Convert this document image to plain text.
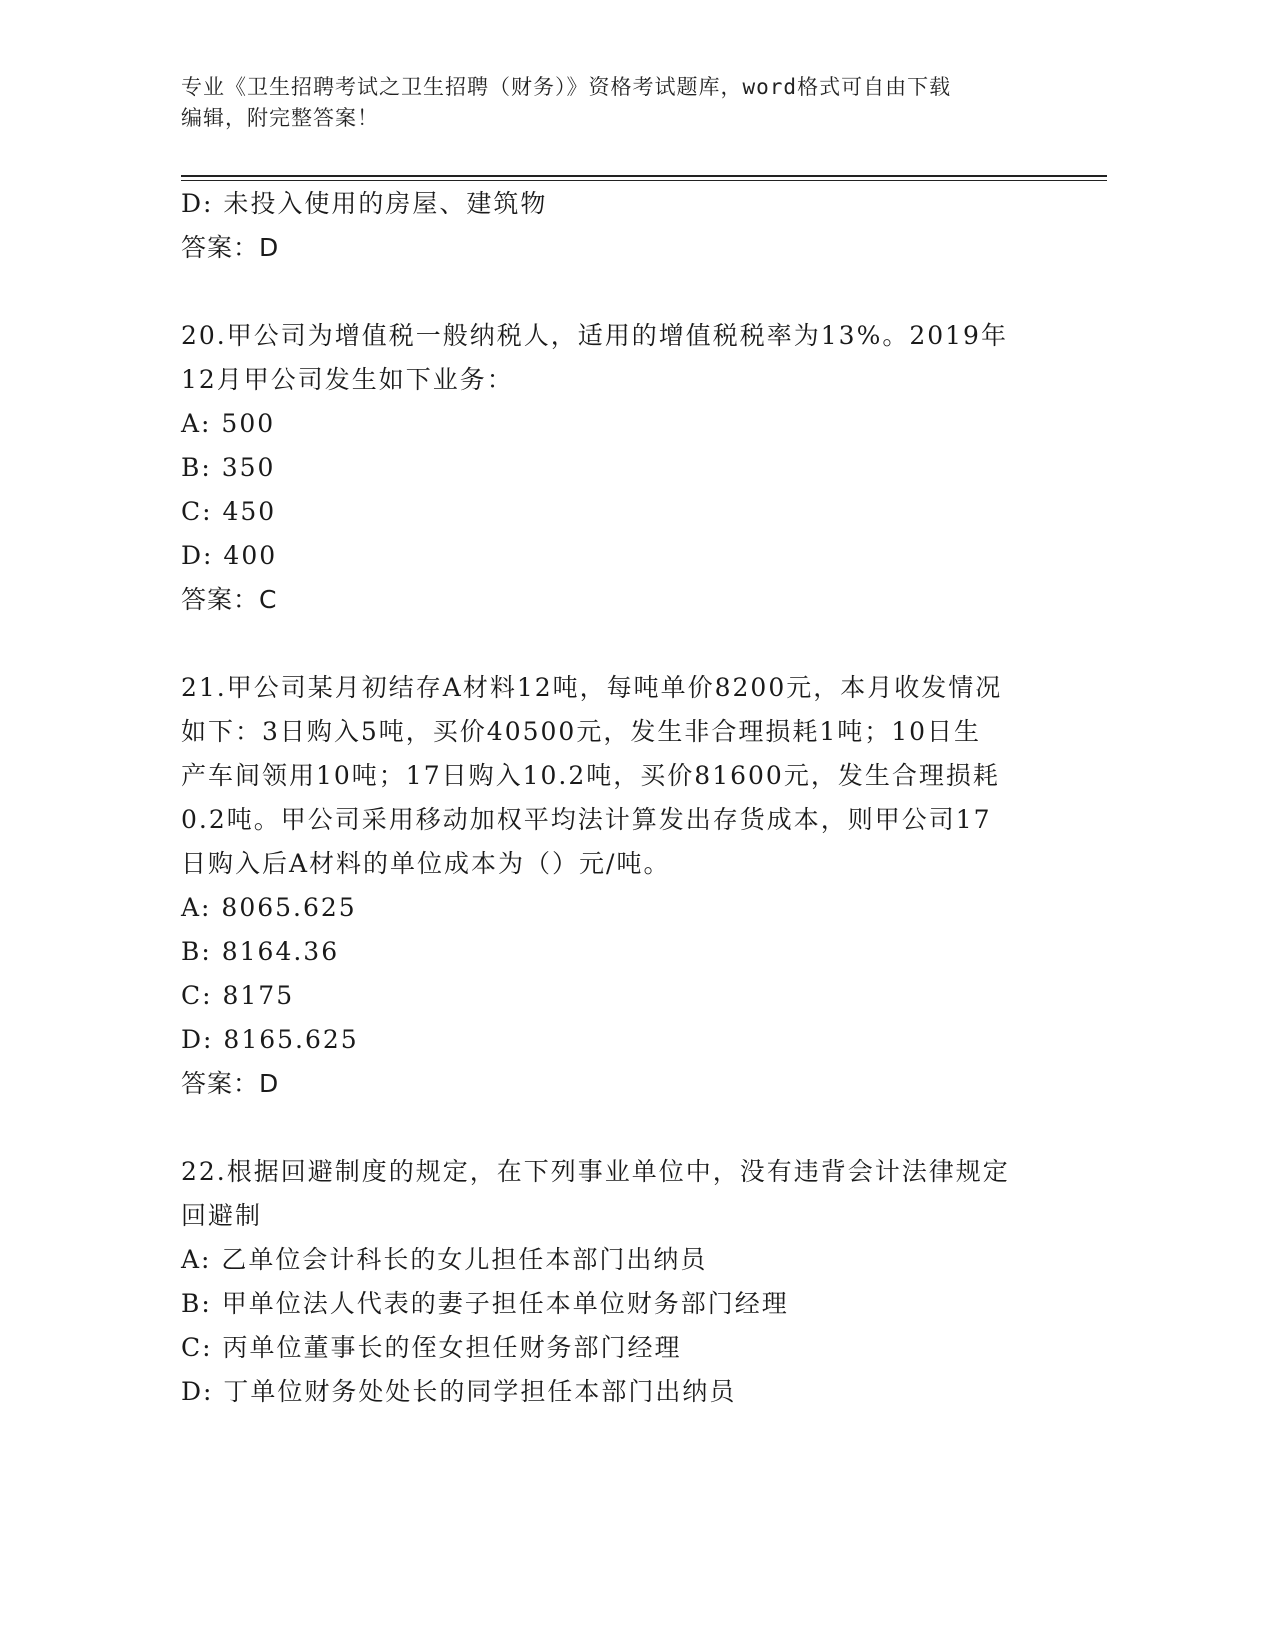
专业《卫生招聘考试之卫生招聘（财务）》资格考试题库，word格式可自由下载
编辑，附完整答案！
D: 未投入使用的房屋、建筑物
答案：D
20.甲公司为增值税一般纳税人，适用的增值税税率为13%。2019年
12月甲公司发生如下业务：
A: 500
B: 350
C: 450
D: 400
答案：C
21.甲公司某月初结存A材料12吨，每吨单价8200元，本月收发情况
如下：3日购入5吨，买价40500元，发生非合理损耗1吨；10日生
产车间领用10吨；17日购入10.2吨，买价81600元，发生合理损耗
0.2吨。甲公司采用移动加权平均法计算发出存货成本，则甲公司17
日购入后A材料的单位成本为（）元/吨。
A: 8065.625
B: 8164.36
C: 8175
D: 8165.625
答案：D
22.根据回避制度的规定，在下列事业单位中，没有违背会计法律规定
回避制
A: 乙单位会计科长的女儿担任本部门出纳员
B: 甲单位法人代表的妻子担任本单位财务部门经理
C: 丙单位董事长的侄女担任财务部门经理
D: 丁单位财务处处长的同学担任本部门出纳员
